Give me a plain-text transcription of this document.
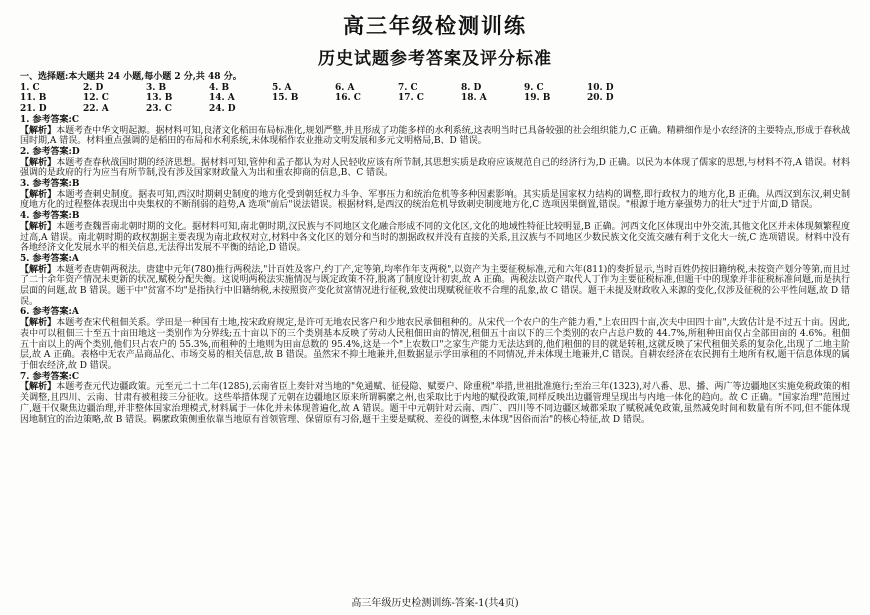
高三年级检测训练
历史试题参考答案及评分标准

一、选择题:本大题共 24 小题,每小题 2 分,共 48 分。

1. C	2. D	3. B	4. B	5. A	6. A	7. C	8. D	9. C	10. D
11. B	12. C	13. B	14. A	15. B	16. C	17. C	18. A	19. B	20. D
21. D	22. A	23. C	24. D

1. 参考答案:C

【解析】本题考查中华文明起源。据材料可知,良渚文化稻田布局标准化,规划严整,并且形成了功能多样的水利系统,这表明当时已具备较强的社会组织能力,C 正确。精耕细作是小农经济的主要特点,形成于春秋战国时期,A 错误。材料重点强调的是稻田的布局和水利系统,未体现稻作农业推动文明发展和多元文明格局,B、D 错误。

2. 参考答案:D

【解析】本题考查春秋战国时期的经济思想。据材料可知,管仲和孟子都认为对人民轻收应该有所节制,其思想实质是政府应该规范自己的经济行为,D 正确。以民为本体现了儒家的思想,与材料不符,A 错误。材料强调的是政府的行为应当有所节制,没有涉及国家财政量入为出和重农抑商的信息,B、C 错误。

3. 参考答案:B

【解析】本题考查刺史制度。据表可知,西汉时期刺史制度的地方化受到朝廷权力斗争、军事压力和统治危机等多种因素影响。其实质是国家权力结构的调整,即行政权力的地方化,B 正确。从西汉到东汉,刺史制度地方化的过程整体表现出中央集权的不断削弱的趋势,A 选项"前后"说法错误。根据材料,是西汉的统治危机导致刺史制度地方化,C 选项因果倒置,错误。"根源于地方豪强势力的壮大"过于片面,D 错误。

4. 参考答案:B

【解析】本题考查魏晋南北朝时期的文化。据材料可知,南北朝时期,汉民族与不同地区文化融合形成不同的文化区,文化的地域性特征比较明显,B 正确。河西文化区体现出中外交流,其他文化区并未体现频繁程度过高,A 错误。南北朝时期的政权割据主要表现为南北政权对立,材料中各文化区的划分和当时的割据政权并没有直接的关系,且汉族与不同地区少数民族文化交流交融有利于文化大一统,C 选项错误。材料中没有各地经济文化发展水平的相关信息,无法得出发展不平衡的结论,D 错误。

5. 参考答案:A

【解析】本题考查唐朝两税法。唐建中元年(780)推行两税法,"计百姓及客户,约丁产,定等第,均率作年支两税",以资产为主要征税标准,元和六年(811)的奏折显示,当时百姓仍按旧籍纳税,未按资产划分等第,而且过了二十余年资产情况未更新的状况,赋税分配失衡。这说明两税法实施情况与既定政策不符,脱离了制度设计初衷,故 A 正确。两税法以资产取代人丁作为主要征税标准,但题干中的现象并非征税标准问题,而是执行层面的问题,故 B 错误。题干中"贫富不均"是指执行中旧籍纳税,未按照资产变化贫富情况进行征税,致使出现赋税征收不合理的乱象,故 C 错误。题干未提及财政收入来源的变化,仅涉及征税的公平性问题,故 D 错误。

6. 参考答案:A

【解析】本题考查宋代租佃关系。学田是一种国有土地,按宋政府规定,是许可无地农民客户和少地农民承佃租种的。从宋代一个农户的生产能力看,"上农田四十亩,次夫中田四十亩",大致估计是不过五十亩。因此,表中可以租佃三十至五十亩田地这一类别作为分界线;五十亩以下的三个类别基本反映了劳动人民租佃田亩的情况,租佃五十亩以下的三个类别的农户占总户数的 44.7%,所租种田亩仅占全部田亩的 4.6%。租佃五十亩以上的两个类别,他们只占农户的 55.3%,而租种的土地则为田亩总数的 95.4%,这是一个"上农数口"之家生产能力无法达到的,他们租佃的目的就是转租,这就反映了宋代租佃关系的复杂化,出现了二地主阶层,故 A 正确。表格中无农产品商品化、市场交易的相关信息,故 B 错误。虽然宋不抑土地兼并,但数据显示学田承租的不同情况,并未体现土地兼并,C 错误。自耕农经济在农民拥有土地所有权,题干信息体现的属于佃农经济,故 D 错误。

7. 参考答案:C

【解析】本题考查元代边疆政策。元至元二十二年(1285),云南省臣上奏针对当地的"免通赋、征侵隐、赋要户、除重税"举措,世祖批准施行;至治三年(1323),对八番、思、播、两广等边疆地区实施免税政策的相关调整,且四川、云南、甘肃有被租接三分征收。这些举措体现了元朝在边疆地区原来所谓羁縻之州,也采取比于内地的赋役政策,同样反映出边疆管理呈现出与内地一体化的趋向。故 C 正确。"国家治理"范围过广,题干仅聚焦边疆治理,并非整体国家治理模式,材料属于一体化并未体现普遍化,故 A 错误。题干中元朝针对云南、西广、四川等不同边疆区域都采取了赋税减免政策,虽然减免时间和数量有所不同,但不能体现因地制宜的治边策略,故 B 错误。羁縻政策侧重依靠当地原有首领管理、保留原有习俗,题干主要是赋税、差役的调整,未体现"因俗而治"的核心特征,故 D 错误。

高三年级历史检测训练-答案-1(共4页)
